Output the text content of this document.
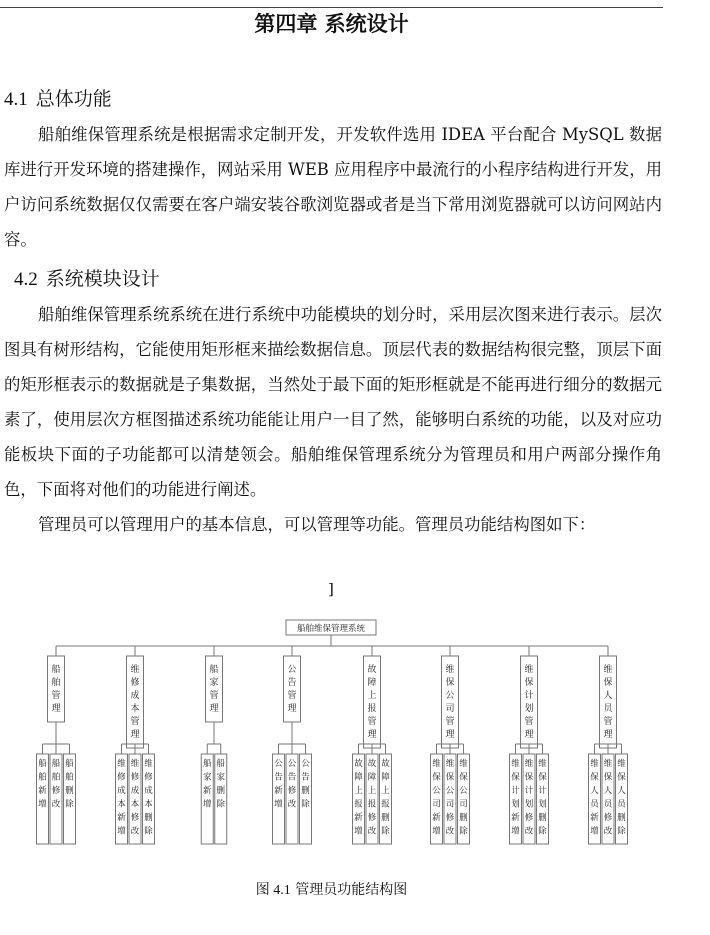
第四章 系统设计
4.1 总体功能

船舶维保管理系统是根据需求定制开发，开发软件选用 IDEA 平台配合 MySQL 数据库进行开发环境的搭建操作，网站采用 WEB 应用程序中最流行的小程序结构进行开发，用户访问系统数据仅仅需要在客户端安装谷歌浏览器或者是当下常用浏览器就可以访问网站内容。

4.2 系统模块设计

船舶维保管理系统系统在进行系统中功能模块的划分时，采用层次图来进行表示。层次图具有树形结构，它能使用矩形框来描绘数据信息。顶层代表的数据结构很完整，顶层下面的矩形框表示的数据就是子集数据，当然处于最下面的矩形框就是不能再进行细分的数据元素了，使用层次方框图描述系统功能能让用户一目了然，能够明白系统的功能，以及对应功能板块下面的子功能都可以清楚领会。船舶维保管理系统分为管理员和用户两部分操作角色，下面将对他们的功能进行阐述。

管理员可以管理用户的基本信息，可以管理等功能。管理员功能结构图如下：

]
船舶维保管理系统
船
舶
管
理
船
舶
新
增
船
舶
修
改
船
舶
删
除
维
修
成
本
管
理
维
修
成
本
新
增
维
修
成
本
修
改
维
修
成
本
删
除
船
家
管
理
船
家
新
增
船
家
删
除
公
告
管
理
公
告
新
增
公
告
修
改
公
告
删
除
故
障
上
报
管
理
故
障
上
报
新
增
故
障
上
报
修
改
故
障
上
报
删
除
维
保
公
司
管
理
维
保
公
司
新
增
维
保
公
司
修
改
维
保
公
司
删
除
维
保
计
划
管
理
维
保
计
划
新
增
维
保
计
划
修
改
维
保
计
划
删
除
维
保
人
员
管
理
维
保
人
员
新
增
维
保
人
员
修
改
维
保
人
员
删
除
图 4.1 管理员功能结构图
